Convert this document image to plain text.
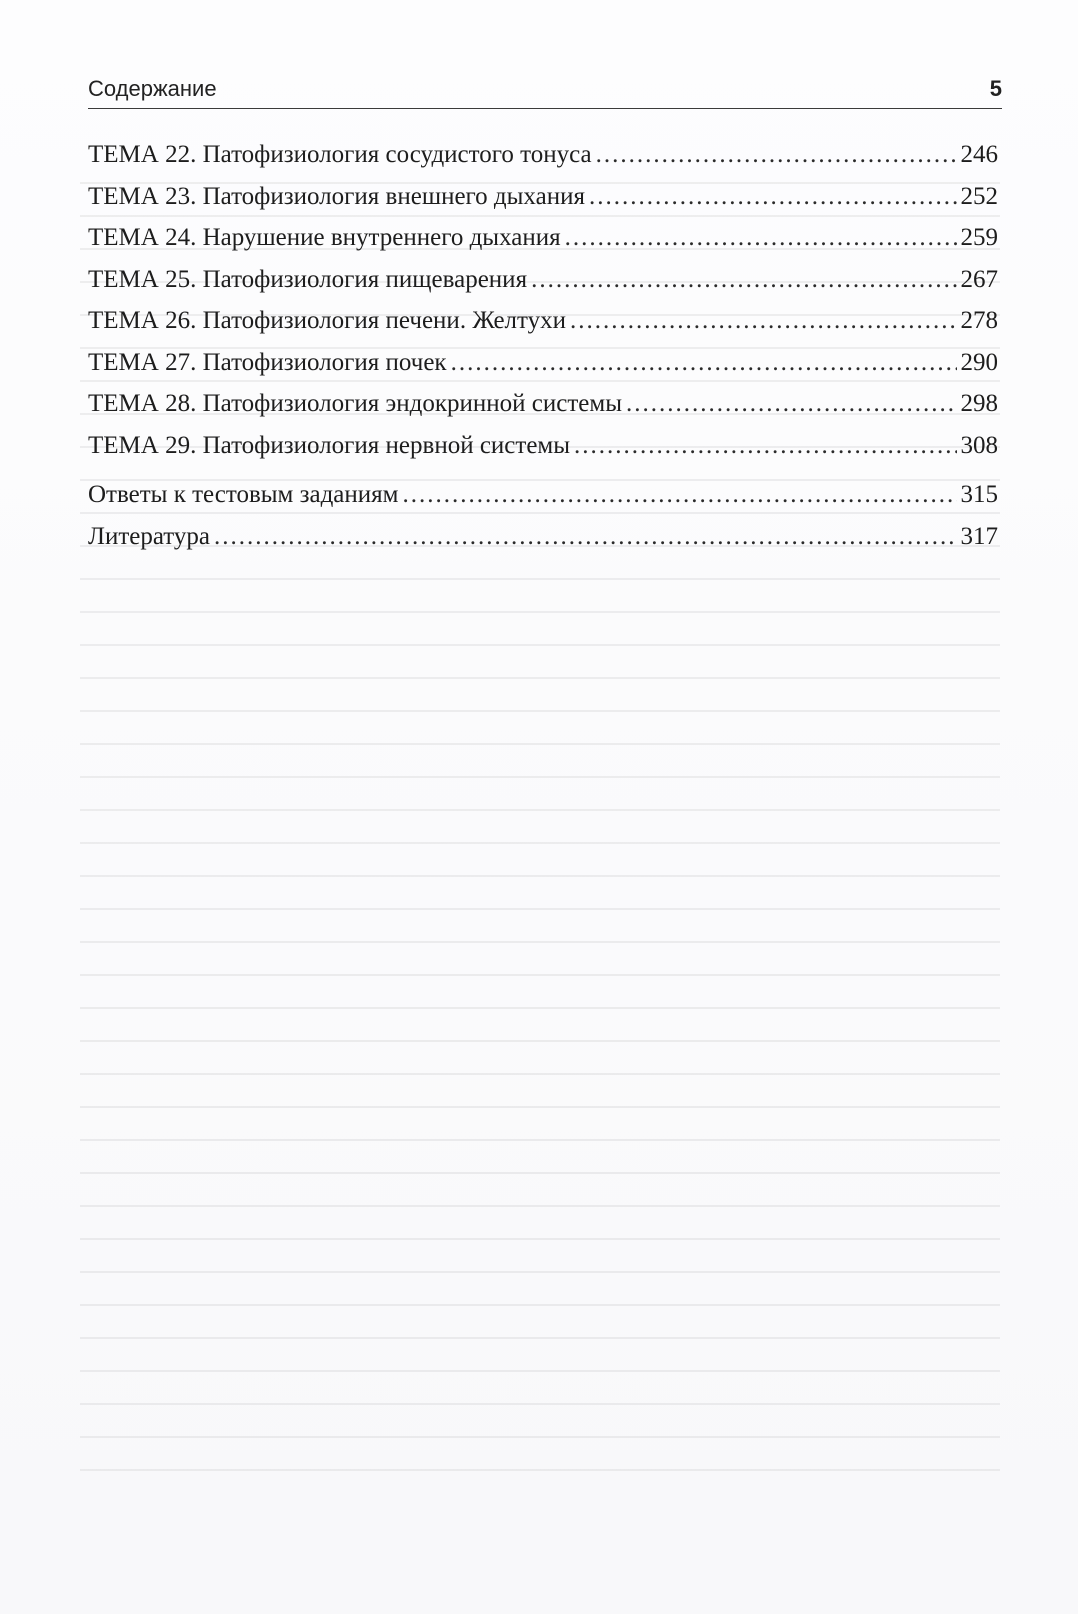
Содержание	5
ТЕМА 22. Патофизиология сосудистого тонуса .....	246
ТЕМА 23. Патофизиология внешнего дыхания .....	252
ТЕМА 24. Нарушение внутреннего дыхания .....	259
ТЕМА 25. Патофизиология пищеварения .....	267
ТЕМА 26. Патофизиология печени. Желтухи .....	278
ТЕМА 27. Патофизиология почек .....	290
ТЕМА 28. Патофизиология эндокринной системы .....	298
ТЕМА 29. Патофизиология нервной системы .....	308
Ответы к тестовым заданиям .....	315
Литература .....	317
